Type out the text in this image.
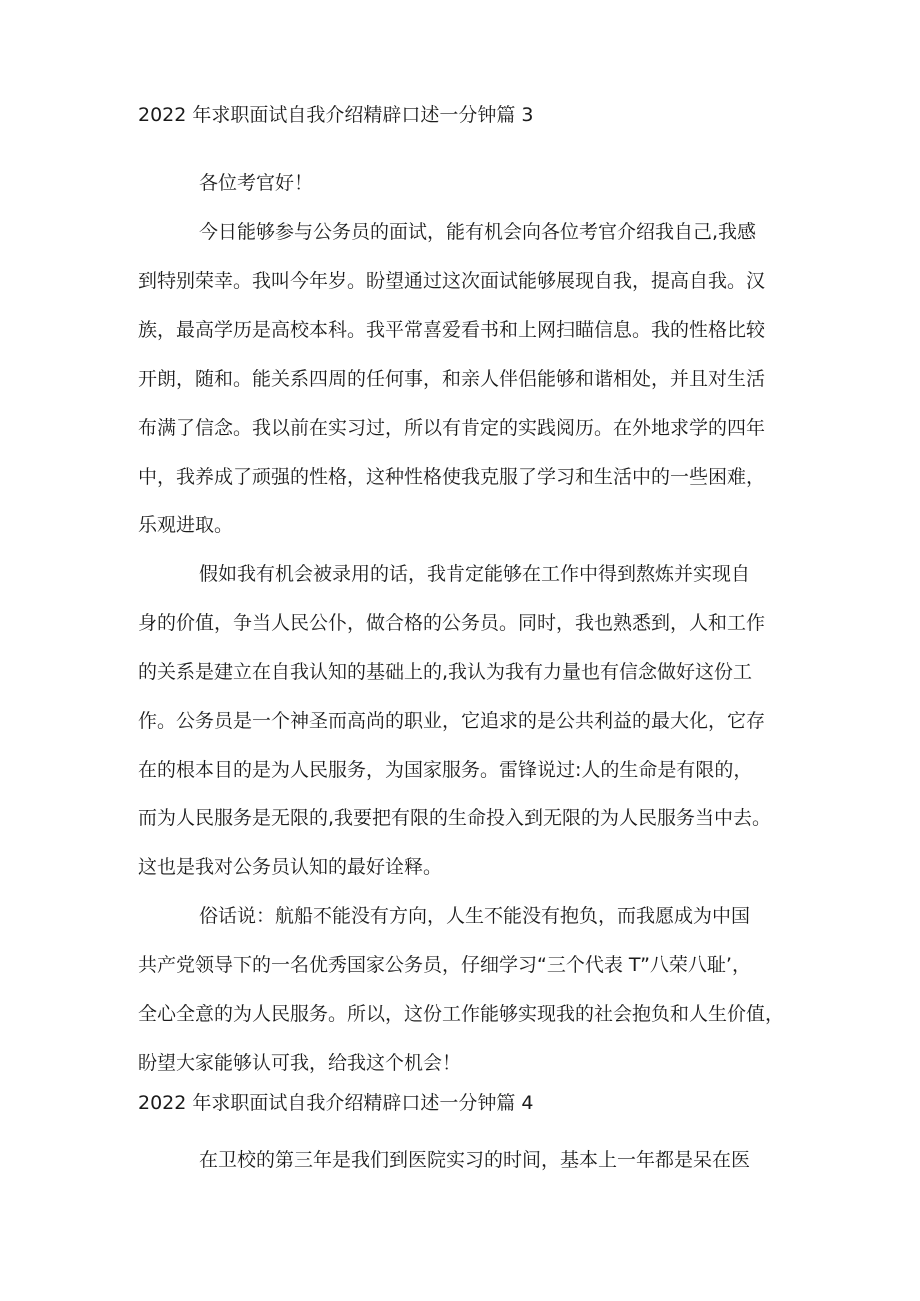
2022 年求职面试自我介绍精辟口述一分钟篇 3
各位考官好！
今日能够参与公务员的面试，能有机会向各位考官介绍我自己,我感
到特别荣幸。我叫今年岁。盼望通过这次面试能够展现自我，提高自我。汉
族，最高学历是高校本科。我平常喜爱看书和上网扫瞄信息。我的性格比较
开朗，随和。能关系四周的任何事，和亲人伴侣能够和谐相处，并且对生活
布满了信念。我以前在实习过，所以有肯定的实践阅历。在外地求学的四年
中，我养成了顽强的性格，这种性格使我克服了学习和生活中的一些困难，
乐观进取。
假如我有机会被录用的话，我肯定能够在工作中得到熬炼并实现自
身的价值，争当人民公仆，做合格的公务员。同时，我也熟悉到，人和工作
的关系是建立在自我认知的基础上的,我认为我有力量也有信念做好这份工
作。公务员是一个神圣而高尚的职业，它追求的是公共利益的最大化，它存
在的根本目的是为人民服务，为国家服务。雷锋说过:人的生命是有限的，
而为人民服务是无限的,我要把有限的生命投入到无限的为人民服务当中去。
这也是我对公务员认知的最好诠释。
俗话说：航船不能没有方向，人生不能没有抱负，而我愿成为中国
共产党领导下的一名优秀国家公务员，仔细学习“三个代表 T”八荣八耻’，
全心全意的为人民服务。所以，这份工作能够实现我的社会抱负和人生价值，
盼望大家能够认可我，给我这个机会！
2022 年求职面试自我介绍精辟口述一分钟篇 4
在卫校的第三年是我们到医院实习的时间，基本上一年都是呆在医
